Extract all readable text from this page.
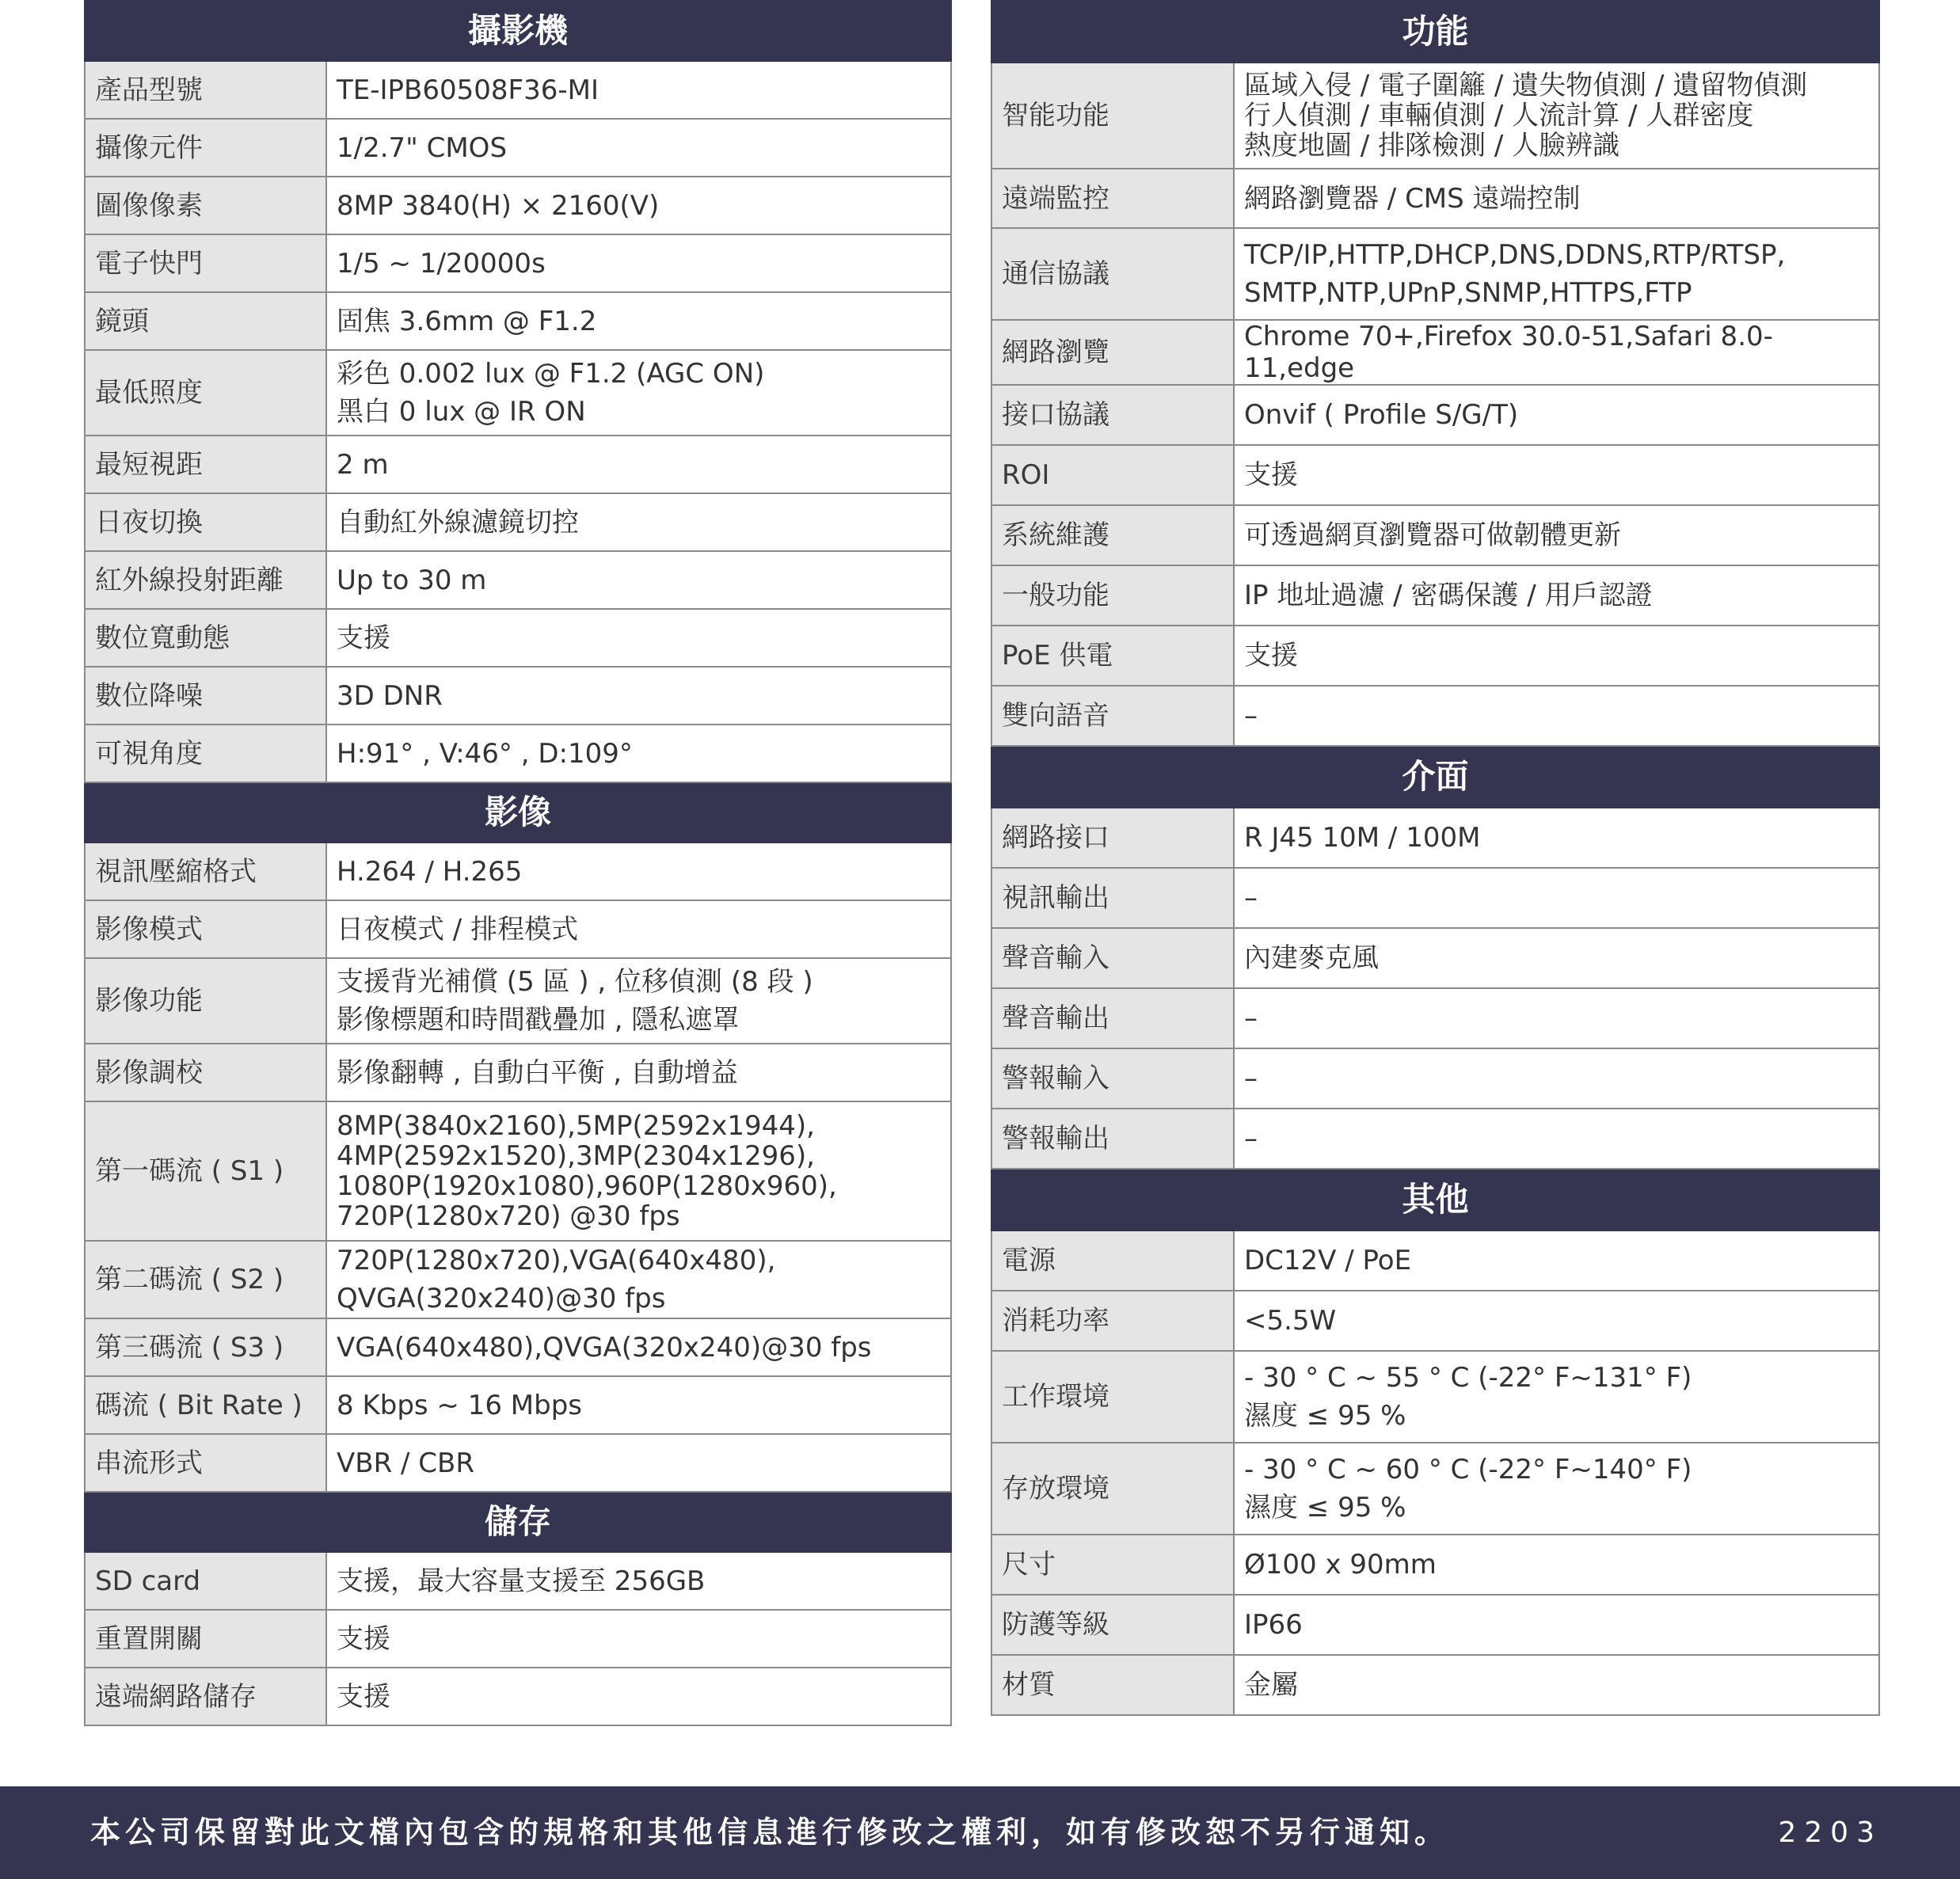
攝影機	
產品型號	TE-IPB60508F36-MI

攝像元件	1/2.7" CMOS

圖像像素	8MP 3840(H) × 2160(V)

電子快門	1/5 ~ 1/20000s

鏡頭	固焦 3.6mm @ F1.2

最低照度	彩色 0.002 lux @ F1.2 (AGC ON)
黑白 0 lux @ IR ON

最短視距	2 m

日夜切換	自動紅外線濾鏡切控

紅外線投射距離	Up to 30 m

數位寬動態	支援

數位降噪	3D DNR

可視角度	H:91° , V:46° , D:109°

影像	
視訊壓縮格式	H.264 / H.265

影像模式	日夜模式 / 排程模式

影像功能	支援背光補償 (5 區 ) , 位移偵測 (8 段 )
影像標題和時間戳疊加 , 隱私遮罩

影像調校	影像翻轉 , 自動白平衡 , 自動增益

第一碼流 ( S1 )	8MP(3840x2160),5MP(2592x1944),
4MP(2592x1520),3MP(2304x1296),
1080P(1920x1080),960P(1280x960),
720P(1280x720) @30 fps

第二碼流 ( S2 )	720P(1280x720),VGA(640x480),
QVGA(320x240)@30 fps

第三碼流 ( S3 )	VGA(640x480),QVGA(320x240)@30 fps

碼流 ( Bit Rate )	8 Kbps ~ 16 Mbps

串流形式	VBR / CBR

儲存	
SD card	支援，最大容量支援至 256GB

重置開關	支援

遠端網路儲存	支援
功能	
智能功能	區域入侵 / 電子圍籬 / 遺失物偵測 / 遺留物偵測
行人偵測 / 車輛偵測 / 人流計算 / 人群密度
熱度地圖 / 排隊檢測 / 人臉辨識

遠端監控	網路瀏覽器 / CMS 遠端控制

通信協議	TCP/IP,HTTP,DHCP,DNS,DDNS,RTP/RTSP,
SMTP,NTP,UPnP,SNMP,HTTPS,FTP

網路瀏覽	Chrome 70+,Firefox 30.0-51,Safari 8.0-11,edge

接口協議	Onvif ( Profile S/G/T)

ROI	支援

系統維護	可透過網頁瀏覽器可做韌體更新

一般功能	IP 地址過濾 / 密碼保護 / 用戶認證

PoE 供電	支援

雙向語音	–

介面	
網路接口	R J45 10M / 100M

視訊輸出	–

聲音輸入	內建麥克風

聲音輸出	–

警報輸入	–

警報輸出	–

其他	
電源	DC12V / PoE

消耗功率	<5.5W

工作環境	- 30 ° C ~ 55 ° C (-22° F~131° F)
濕度 ≤ 95 %

存放環境	- 30 ° C ~ 60 ° C (-22° F~140° F)
濕度 ≤ 95 %

尺寸	Ø100 x 90mm

防護等級	IP66

材質	金屬
本公司保留對此文檔內包含的規格和其他信息進行修改之權利，如有修改恕不另行通知。	2203
